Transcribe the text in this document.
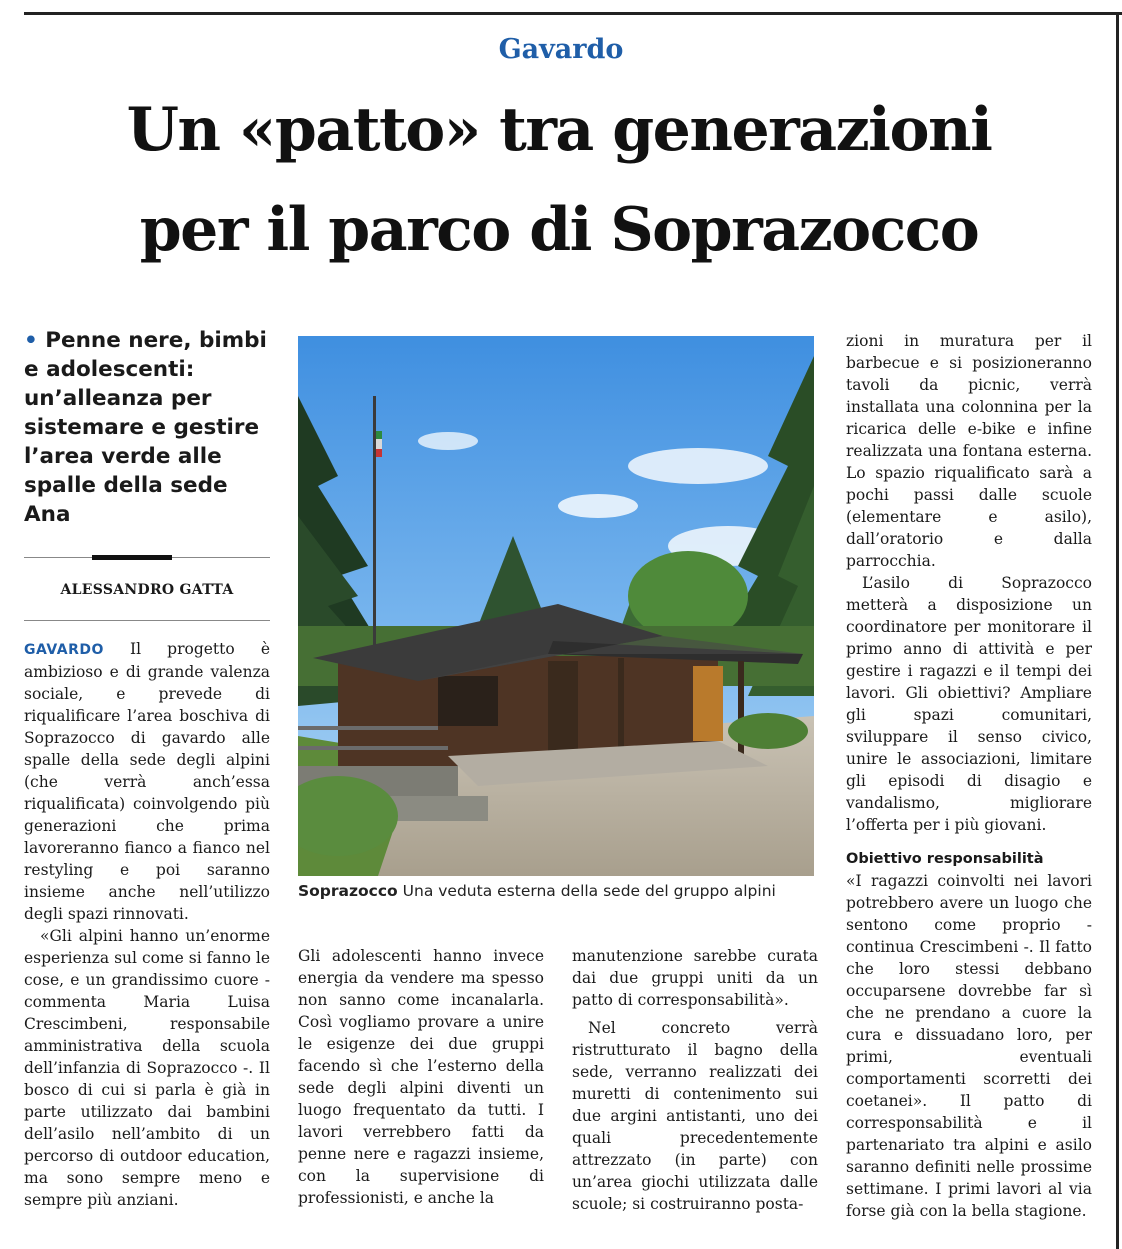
Gavardo
Un «patto» tra generazioni
per il parco di Soprazocco
• Penne nere, bimbi e adolescenti: un’alleanza per sistemare e gestire l’area verde alle spalle della sede Ana
ALESSANDRO GATTA

GAVARDO Il progetto è ambizioso e di grande valenza sociale, e prevede di riqualificare l’area boschiva di Soprazocco di gavardo alle spalle della sede degli alpini (che verrà anch’essa riqualificata) coinvolgendo più generazioni che prima lavoreranno fianco a fianco nel restyling e poi saranno insieme anche nell’utilizzo degli spazi rinnovati.

«Gli alpini hanno un’enorme esperienza sul come si fanno le cose, e un grandissimo cuore - commenta Maria Luisa Crescimbeni, responsabile amministrativa della scuola dell’infanzia di Soprazocco -. Il bosco di cui si parla è già in parte utilizzato dai bambini dell’asilo nell’ambito di un percorso di outdoor education, ma sono sempre meno e sempre più anziani.

Soprazocco Una veduta esterna della sede del gruppo alpini

Gli adolescenti hanno invece energia da vendere ma spesso non sanno come incanalarla. Così vogliamo provare a unire le esigenze dei due gruppi facendo sì che l’esterno della sede degli alpini diventi un luogo frequentato da tutti. I lavori verrebbero fatti da penne nere e ragazzi insieme, con la supervisione di professionisti, e anche la

manutenzione sarebbe curata dai due gruppi uniti da un patto di corresponsabilità».

Nel concreto verrà ristrutturato il bagno della sede, verranno realizzati dei muretti di contenimento sui due argini antistanti, uno dei quali precedentemente attrezzato (in parte) con un’area giochi utilizzata dalle scuole; si costruiranno posta-

zioni in muratura per il barbecue e si posizioneranno tavoli da picnic, verrà installata una colonnina per la ricarica delle e-bike e infine realizzata una fontana esterna. Lo spazio riqualificato sarà a pochi passi dalle scuole (elementare e asilo), dall’oratorio e dalla parrocchia.

L’asilo di Soprazocco metterà a disposizione un coordinatore per monitorare il primo anno di attività e per gestire i ragazzi e il tempi dei lavori. Gli obiettivi? Ampliare gli spazi comunitari, sviluppare il senso civico, unire le associazioni, limitare gli episodi di disagio e vandalismo, migliorare l’offerta per i più giovani.

Obiettivo responsabilità

«I ragazzi coinvolti nei lavori potrebbero avere un luogo che sentono come proprio - continua Crescimbeni -. Il fatto che loro stessi debbano occuparsene dovrebbe far sì che ne prendano a cuore la cura e dissuadano loro, per primi, eventuali comportamenti scorretti dei coetanei». Il patto di corresponsabilità e il partenariato tra alpini e asilo saranno definiti nelle prossime settimane. I primi lavori al via forse già con la bella stagione.
